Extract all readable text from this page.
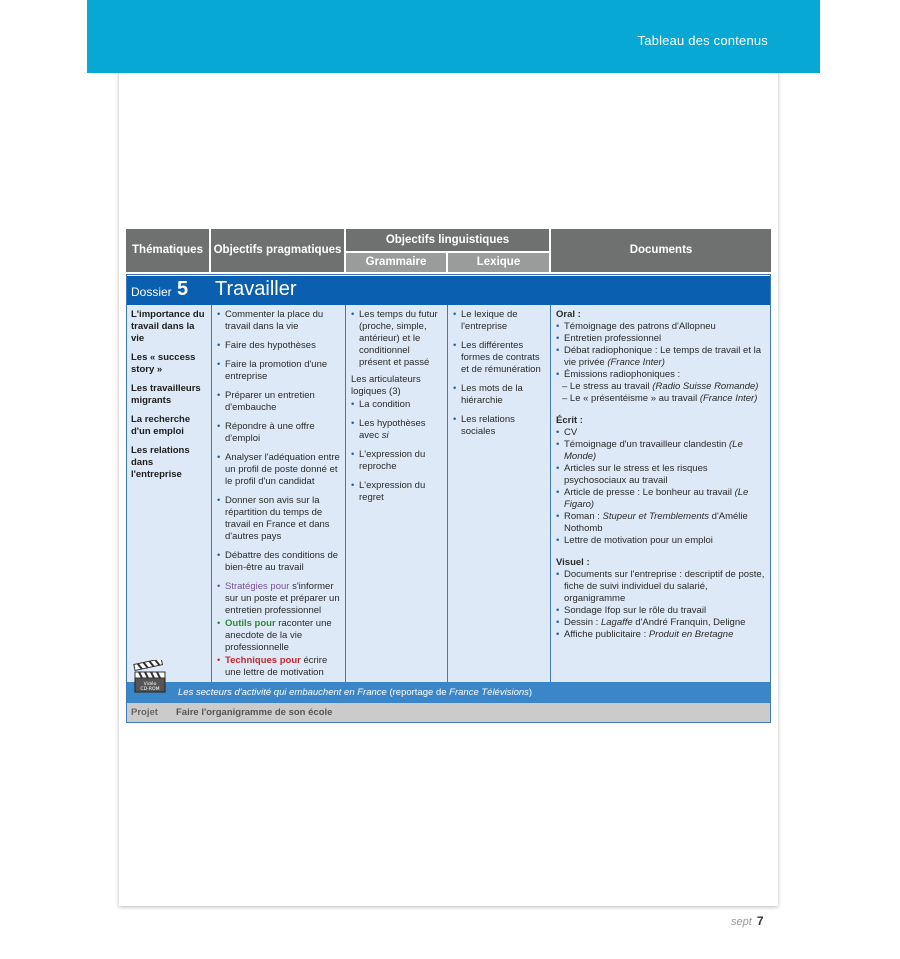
Tableau des contenus
Thématiques Objectifs pragmatiques
Objectifs linguistiques
Grammaire	Lexique
Documents
Dossier 5 Travailler
L'importance du travail dans la vie
Les « success story »
Les travailleurs migrants
La recherche d'un emploi
Les relations dans l'entreprise
• Commenter la place du travail dans la vie
• Faire des hypothèses
• Faire la promotion d'une entreprise
• Préparer un entretien d'embauche
• Répondre à une offre d'emploi
• Analyser l'adéquation entre un profil de poste donné et le profil d'un candidat
• Donner son avis sur la répartition du temps de travail en France et dans d'autres pays
• Débattre des conditions de bien-être au travail
• Stratégies pour s'informer sur un poste et préparer un entretien professionnel
• Outils pour raconter une anecdote de la vie professionnelle
• Techniques pour écrire une lettre de motivation
• Les temps du futur (proche, simple, antérieur) et le conditionnel présent et passé
Les articulateurs logiques (3)
• La condition
• Les hypothèses avec si
• L'expression du reproche
• L'expression du regret
• Le lexique de l'entreprise
• Les différentes formes de contrats et de rémunération
• Les mots de la hiérarchie
• Les relations sociales
Oral :
• Témoignage des patrons d'Allopneu
• Entretien professionnel
• Débat radiophonique : Le temps de travail et la vie privée (France Inter)
• Émissions radiophoniques :
– Le stress au travail (Radio Suisse Romande)
– Le « présentéisme » au travail (France Inter)
Écrit :
• CV
• Témoignage d'un travailleur clandestin (Le Monde)
• Articles sur le stress et les risques psychosociaux au travail
• Article de presse : Le bonheur au travail (Le Figaro)
• Roman : Stupeur et Tremblements d'Amélie Nothomb
• Lettre de motivation pour un emploi
Visuel :
• Documents sur l'entreprise : descriptif de poste, fiche de suivi individuel du salarié, organigramme
• Sondage Ifop sur le rôle du travail
• Dessin : Lagaffe d'André Franquin, Deligne
• Affiche publicitaire : Produit en Bretagne
Vidéo
CD-ROM Les secteurs d'activité qui embauchent en France (reportage de France Télévisions)
Projet Faire l'organigramme de son école
sept 7
